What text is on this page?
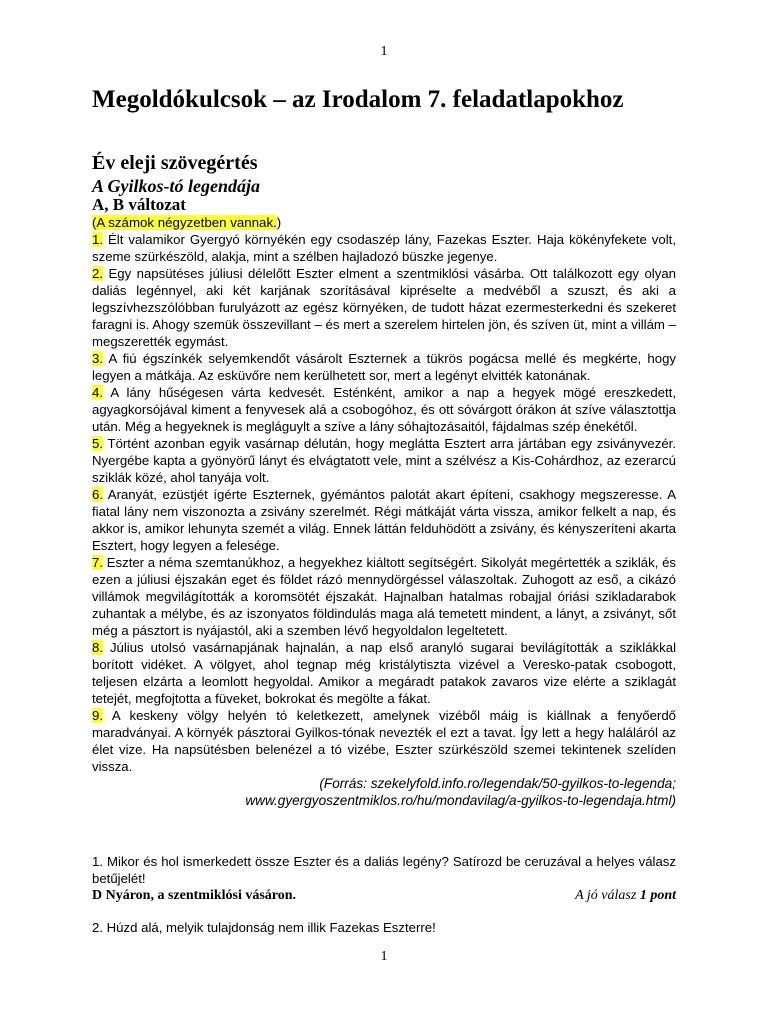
1
Megoldókulcsok – az Irodalom 7. feladatlapokhoz
Év eleji szövegértés
A Gyilkos-tó legendája
A, B változat
(A számok négyzetben vannak.)

1. Élt valamikor Gyergyó környékén egy csodaszép lány, Fazekas Eszter. Haja kökényfekete volt, szeme szürkészöld, alakja, mint a szélben hajladozó büszke jegenye.

2. Egy napsütéses júliusi délelőtt Eszter elment a szentmiklósi vásárba. Ott találkozott egy olyan daliás legénnyel, aki két karjának szorításával kipréselte a medvéből a szuszt, és aki a legszívhezszólóbban furulyázott az egész környéken, de tudott házat ezermesterkedni és szekeret faragni is. Ahogy szemük összevillant – és mert a szerelem hirtelen jön, és szíven üt, mint a villám – megszerették egymást.

3. A fiú égszínkék selyemkendőt vásárolt Eszternek a tükrös pogácsa mellé és megkérte, hogy legyen a mátkája. Az esküvőre nem kerülhetett sor, mert a legényt elvitték katonának.

4. A lány hűségesen várta kedvesét. Esténként, amikor a nap a hegyek mögé ereszkedett, agyagkorsójával kiment a fenyvesek alá a csobogóhoz, és ott sóvárgott órákon át szíve választottja után. Még a hegyeknek is megláguylt a szíve a lány sóhajtozásaitól, fájdalmas szép énekétől.

5. Történt azonban egyik vasárnap délután, hogy meglátta Esztert arra jártában egy zsiványvezér. Nyergébe kapta a gyönyörű lányt és elvágtatott vele, mint a szélvész a Kis-Cohárdhoz, az ezerarcú sziklák közé, ahol tanyája volt.

6. Aranyát, ezüstjét ígérte Eszternek, gyémántos palotát akart építeni, csakhogy megszeresse. A fiatal lány nem viszonozta a zsivány szerelmét. Régi mátkáját várta vissza, amikor felkelt a nap, és akkor is, amikor lehunyta szemét a világ. Ennek láttán felduhödött a zsivány, és kényszeríteni akarta Esztert, hogy legyen a felesége.

7. Eszter a néma szemtanúkhoz, a hegyekhez kiáltott segítségért. Sikolyát megértették a sziklák, és ezen a júliusi éjszakán eget és földet rázó mennydörgéssel válaszoltak. Zuhogott az eső, a cikázó villámok megvilágították a koromsötét éjszakát. Hajnalban hatalmas robajjal óriási szikladarabok zuhantak a mélybe, és az iszonyatos földindulás maga alá temetett mindent, a lányt, a zsiványt, sőt még a pásztort is nyájastól, aki a szemben lévő hegyoldalon legeltetett.

8. Július utolsó vasárnapjának hajnalán, a nap első aranyló sugarai bevilágították a sziklákkal borított vidéket. A völgyet, ahol tegnap még kristálytiszta vizével a Veresko-patak csobogott, teljesen elzárta a leomlott hegyoldal. Amikor a megáradt patakok zavaros vize elérte a sziklagát tetejét, megfojtotta a füveket, bokrokat és megölte a fákat.

9. A keskeny völgy helyén tó keletkezett, amelynek vizéből máig is kiállnak a fenyőerdő maradványai. A környék pásztorai Gyilkos-tónak nevezték el ezt a tavat. Így lett a hegy haláláról az élet vize. Ha napsütésben belenézel a tó vizébe, Eszter szürkészöld szemei tekintenek szelíden vissza.

(Forrás: szekelyfold.info.ro/legendak/50-gyilkos-to-legenda;

www.gyergyoszentmiklos.ro/hu/mondavilag/a-gyilkos-to-legendaja.html)

1. Mikor és hol ismerkedett össze Eszter és a daliás legény? Satírozd be ceruzával a helyes válasz betűjelét!

D Nyáron, a szentmiklósi vásáron.	A jó válasz 1 pont

2. Húzd alá, melyik tulajdonság nem illik Fazekas Eszterre!

1
